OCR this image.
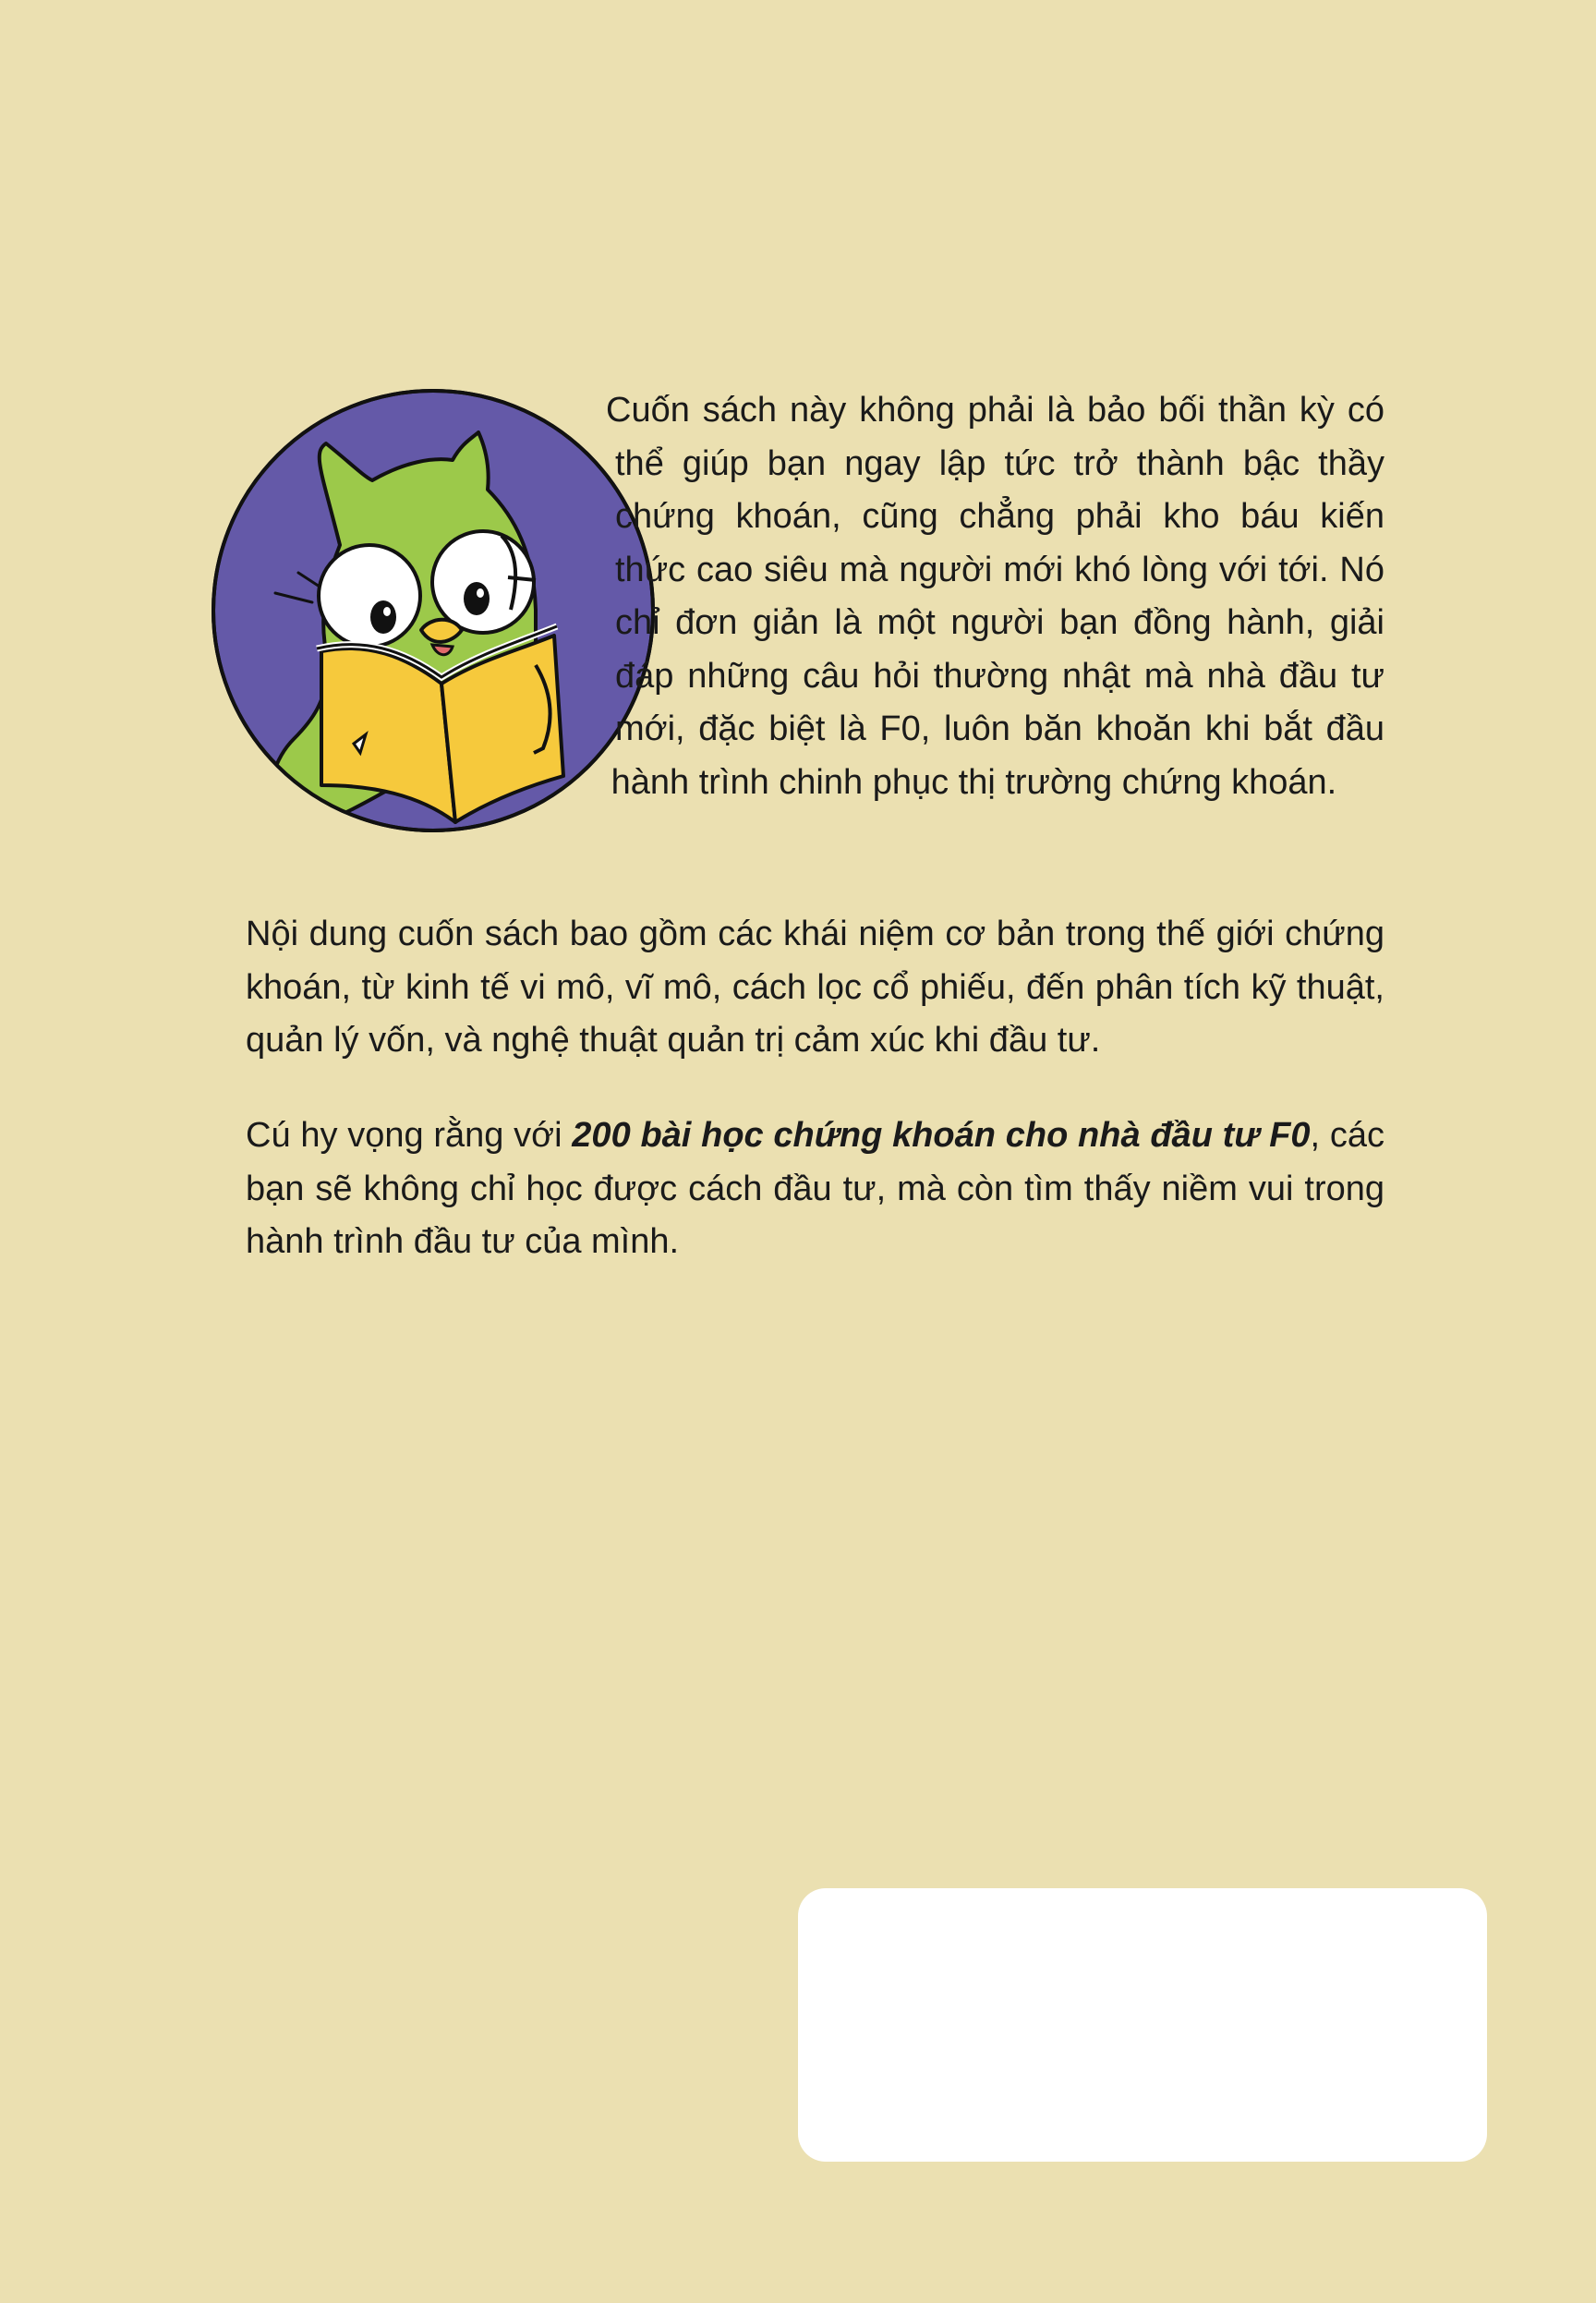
Cuốn sách này không phải là bảo bối thần kỳ có thể giúp bạn ngay lập tức trở thành bậc thầy chứng khoán, cũng chẳng phải kho báu kiến thức cao siêu mà người mới khó lòng với tới. Nó chỉ đơn giản là một người bạn đồng hành, giải đáp những câu hỏi thường nhật mà nhà đầu tư mới, đặc biệt là F0, luôn băn khoăn khi bắt đầu hành trình chinh phục thị trường chứng khoán.

Nội dung cuốn sách bao gồm các khái niệm cơ bản trong thế giới chứng khoán, từ kinh tế vi mô, vĩ mô, cách lọc cổ phiếu, đến phân tích kỹ thuật, quản lý vốn, và nghệ thuật quản trị cảm xúc khi đầu tư.

Cú hy vọng rằng với 200 bài học chứng khoán cho nhà đầu tư F0, các bạn sẽ không chỉ học được cách đầu tư, mà còn tìm thấy niềm vui trong hành trình đầu tư của mình.
